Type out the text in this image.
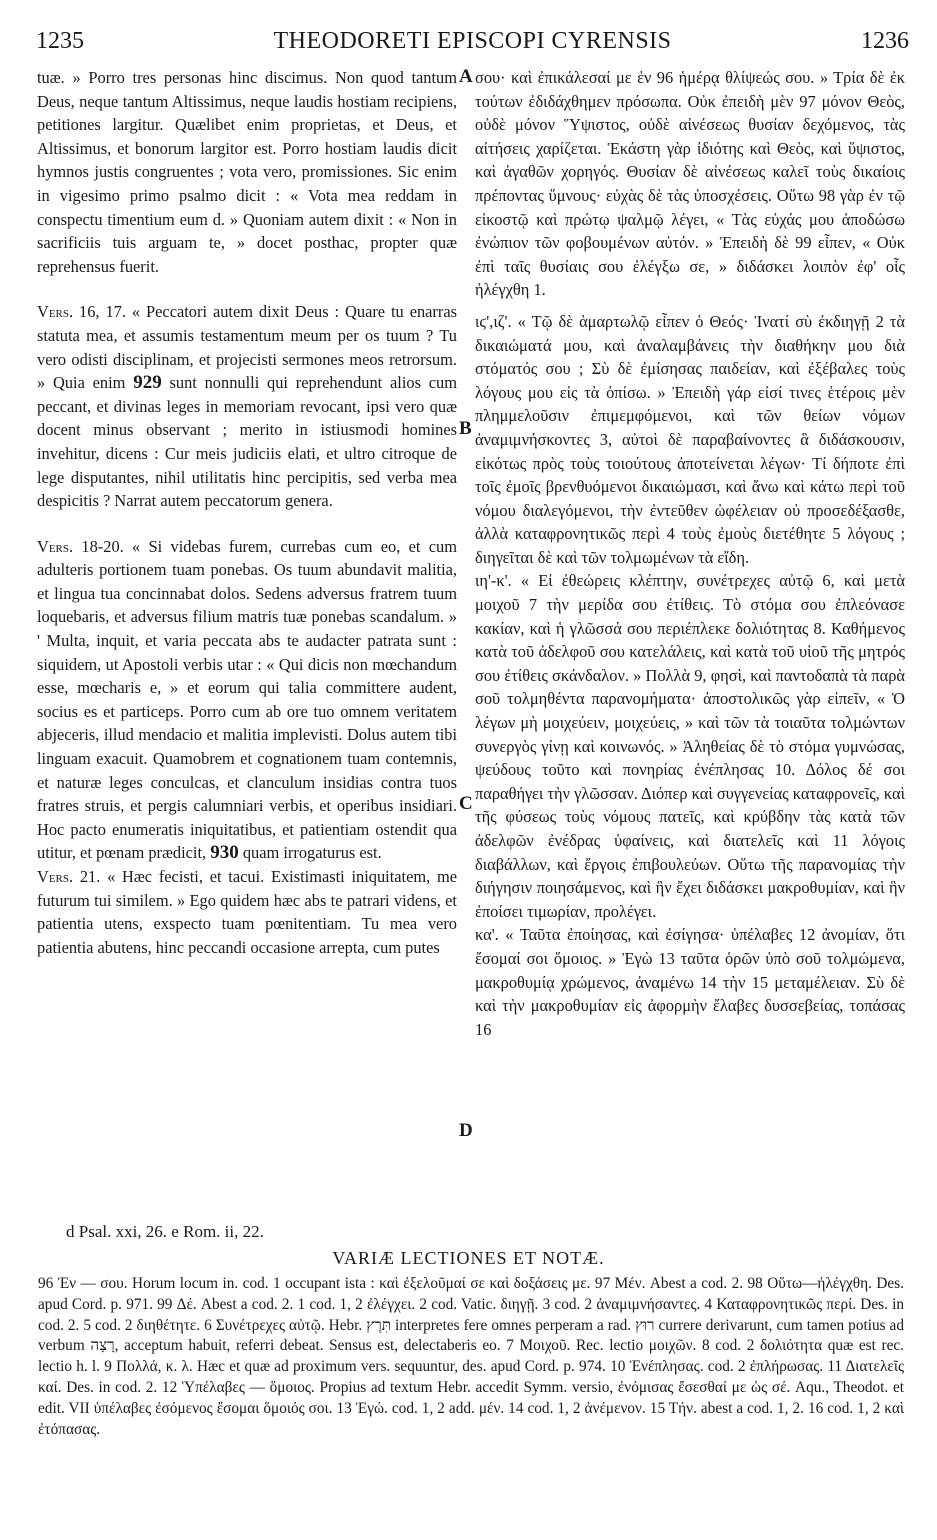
1235	THEODORETI EPISCOPI CYRENSIS	1236
A
B
C
D

tuæ. » Porro tres personas hinc discimus. Non quod tantum Deus, neque tantum Altissimus, neque laudis hostiam recipiens, petitiones largitur. Quælibet enim proprietas, et Deus, et Altissimus, et bonorum largitor est. Porro hostiam laudis dicit hymnos justis congruentes ; vota vero, promissiones. Sic enim in vigesimo primo psalmo dicit : « Vota mea reddam in conspectu timentium eum d. » Quoniam autem dixit : « Non in sacrificiis tuis arguam te, » docet posthac, propter quæ reprehensus fuerit.

Vers. 16, 17. « Peccatori autem dixit Deus : Quare tu enarras statuta mea, et assumis testamentum meum per os tuum ? Tu vero odisti disciplinam, et projecisti sermones meos retrorsum. » Quia enim 929 sunt nonnulli qui reprehendunt alios cum peccant, et divinas leges in memoriam revocant, ipsi vero quæ docent minus observant ; merito in istiusmodi homines invehitur, dicens : Cur meis judiciis elati, et ultro citroque de lege disputantes, nihil utilitatis hinc percipitis, sed verba mea despicitis ? Narrat autem peccatorum genera.

Vers. 18-20. « Si videbas furem, currebas cum eo, et cum adulteris portionem tuam ponebas. Os tuum abundavit malitia, et lingua tua concinnabat dolos. Sedens adversus fratrem tuum loquebaris, et adversus filium matris tuæ ponebas scandalum. » ' Multa, inquit, et varia peccata abs te audacter patrata sunt : siquidem, ut Apostoli verbis utar : « Qui dicis non mœchandum esse, mœcharis e, » et eorum qui talia committere audent, socius es et particeps. Porro cum ab ore tuo omnem veritatem abjeceris, illud mendacio et malitia implevisti. Dolus autem tibi linguam exacuit. Quamobrem et cognationem tuam contemnis, et naturæ leges conculcas, et clanculum insidias contra tuos fratres struis, et pergis calumniari verbis, et operibus insidiari. Hoc pacto enumeratis iniquitatibus, et patientiam ostendit qua utitur, et pœnam prædicit, 930 quam irrogaturus est.

Vers. 21. « Hæc fecisti, et tacui. Existimasti iniquitatem, me futurum tui similem. » Ego quidem hæc abs te patrari videns, et patientia utens, exspecto tuam pœnitentiam. Tu mea vero patientia abutens, hinc peccandi occasione arrepta, cum putes

σου· καὶ ἐπικάλεσαί με ἐν 96 ἡμέρᾳ θλίψεώς σου. » Τρία δὲ ἐκ τούτων ἐδιδάχθημεν πρόσωπα. Οὐκ ἐπειδὴ μὲν 97 μόνον Θεὸς, οὐδὲ μόνον Ὕψιστος, οὐδὲ αἰνέσεως θυσίαν δεχόμενος, τὰς αἰτήσεις χαρίζεται. Ἑκάστη γὰρ ἰδιότης καὶ Θεὸς, καὶ ὕψιστος, καὶ ἀγαθῶν χορηγός. Θυσίαν δὲ αἰνέσεως καλεῖ τοὺς δικαίοις πρέποντας ὕμνους· εὐχὰς δὲ τὰς ὑποσχέσεις. Οὕτω 98 γὰρ ἐν τῷ εἰκοστῷ καὶ πρώτῳ ψαλμῷ λέγει, « Τὰς εὐχάς μου ἀποδώσω ἐνώπιον τῶν φοβουμένων αὐτόν. » Ἐπειδὴ δὲ 99 εἶπεν, « Οὐκ ἐπὶ ταῖς θυσίαις σου ἐλέγξω σε, » διδάσκει λοιπὸν ἐφ' οἷς ἠλέγχθη 1.

ιϛ',ιζ'. « Τῷ δὲ ἁμαρτωλῷ εἶπεν ὁ Θεός· Ἱνατί σὺ ἐκδιηγῇ 2 τὰ δικαιώματά μου, καὶ ἀναλαμβάνεις τὴν διαθήκην μου διὰ στόματός σου ; Σὺ δὲ ἐμίσησας παιδείαν, καὶ ἐξέβαλες τοὺς λόγους μου εἰς τὰ ὀπίσω. » Ἐπειδὴ γάρ εἰσί τινες ἑτέροις μὲν πλημμελοῦσιν ἐπιμεμφόμενοι, καὶ τῶν θείων νόμων ἀναμιμνήσκοντες 3, αὐτοὶ δὲ παραβαίνοντες ἃ διδάσκουσιν, εἰκότως πρὸς τοὺς τοιούτους ἀποτείνεται λέγων· Τί δήποτε ἐπὶ τοῖς ἐμοῖς βρενθυόμενοι δικαιώμασι, καὶ ἄνω καὶ κάτω περὶ τοῦ νόμου διαλεγόμενοι, τὴν ἐντεῦθεν ὠφέλειαν οὐ προσεδέξασθε, ἀλλὰ καταφρονητικῶς περὶ 4 τοὺς ἐμοὺς διετέθητε 5 λόγους ; διηγεῖται δὲ καὶ τῶν τολμωμένων τὰ εἴδη.

ιη'-κ'. « Εἰ ἐθεώρεις κλέπτην, συνέτρεχες αὐτῷ 6, καὶ μετὰ μοιχοῦ 7 τὴν μερίδα σου ἐτίθεις. Τὸ στόμα σου ἐπλεόνασε κακίαν, καὶ ἡ γλῶσσά σου περιέπλεκε δολιότητας 8. Καθήμενος κατὰ τοῦ ἀδελφοῦ σου κατελάλεις, καὶ κατὰ τοῦ υἱοῦ τῆς μητρός σου ἐτίθεις σκάνδαλον. » Πολλὰ 9, φησὶ, καὶ παντοδαπὰ τὰ παρὰ σοῦ τολμηθέντα παρανομήματα· ἀποστολικῶς γὰρ εἰπεῖν, « Ὁ λέγων μὴ μοιχεύειν, μοιχεύεις, » καὶ τῶν τὰ τοιαῦτα τολμώντων συνεργὸς γίνῃ καὶ κοινωνός. » Ἀληθείας δὲ τὸ στόμα γυμνώσας, ψεύδους τοῦτο καὶ πονηρίας ἐνέπλησας 10. Δόλος δέ σοι παραθήγει τὴν γλῶσσαν. Διόπερ καὶ συγγενείας καταφρονεῖς, καὶ τῆς φύσεως τοὺς νόμους πατεῖς, καὶ κρύβδην τὰς κατὰ τῶν ἀδελφῶν ἐνέδρας ὑφαίνεις, καὶ διατελεῖς καὶ 11 λόγοις διαβάλλων, καὶ ἔργοις ἐπιβουλεύων. Οὕτω τῆς παρανομίας τὴν διήγησιν ποιησάμενος, καὶ ἣν ἔχει διδάσκει μακροθυμίαν, καὶ ἣν ἐποίσει τιμωρίαν, προλέγει.

κα'. « Ταῦτα ἐποίησας, καὶ ἐσίγησα· ὑπέλαβες 12 ἀνομίαν, ὅτι ἔσομαί σοι ὅμοιος. » Ἐγὼ 13 ταῦτα ὁρῶν ὑπὸ σοῦ τολμώμενα, μακροθυμίᾳ χρώμενος, ἀναμένω 14 τὴν 15 μεταμέλειαν. Σὺ δὲ καὶ τὴν μακροθυμίαν εἰς ἀφορμὴν ἔλαβες δυσσεβείας, τοπάσας 16

d Psal. xxi, 26. e Rom. ii, 22.
VARIÆ LECTIONES ET NOTÆ.

96 Ἐν — σου. Horum locum in. cod. 1 occupant ista : καὶ ἐξελοῦμαί σε καὶ δοξάσεις με. 97 Μέν. Abest a cod. 2. 98 Οὕτω—ἠλέγχθη. Des. apud Cord. p. 971. 99 Δέ. Abest a cod. 2. 1 cod. 1, 2 ἐλέγχει. 2 cod. Vatic. διηγῇ. 3 cod. 2 ἀναμιμνήσαντες. 4 Καταφρονητικῶς περί. Des. in cod. 2. 5 cod. 2 διηθέτητε. 6 Συνέτρεχες αὐτῷ. Hebr. תִּרֶץ interpretes fere omnes perperam a rad. רוּץ currere derivarunt, cum tamen potius ad verbum רָצָה, acceptum habuit, referri debeat. Sensus est, delectaberis eo. 7 Μοιχοῦ. Rec. lectio μοιχῶν. 8 cod. 2 δολιότητα quæ est rec. lectio h. l. 9 Πολλά, κ. λ. Hæc et quæ ad proximum vers. sequuntur, des. apud Cord. p. 974. 10 Ἐνέπλησας. cod. 2 ἐπλήρωσας. 11 Διατελεῖς καί. Des. in cod. 2. 12 Ὑπέλαβες — ὅμοιος. Propius ad textum Hebr. accedit Symm. versio, ἐνόμισας ἔσεσθαί με ὡς σέ. Aqu., Theodot. et edit. VII ὑπέλαβες ἐσόμενος ἔσομαι ὅμοιός σοι. 13 Ἐγώ. cod. 1, 2 add. μέν. 14 cod. 1, 2 ἀνέμενον. 15 Τήν. abest a cod. 1, 2. 16 cod. 1, 2 καὶ ἐτόπασας.
